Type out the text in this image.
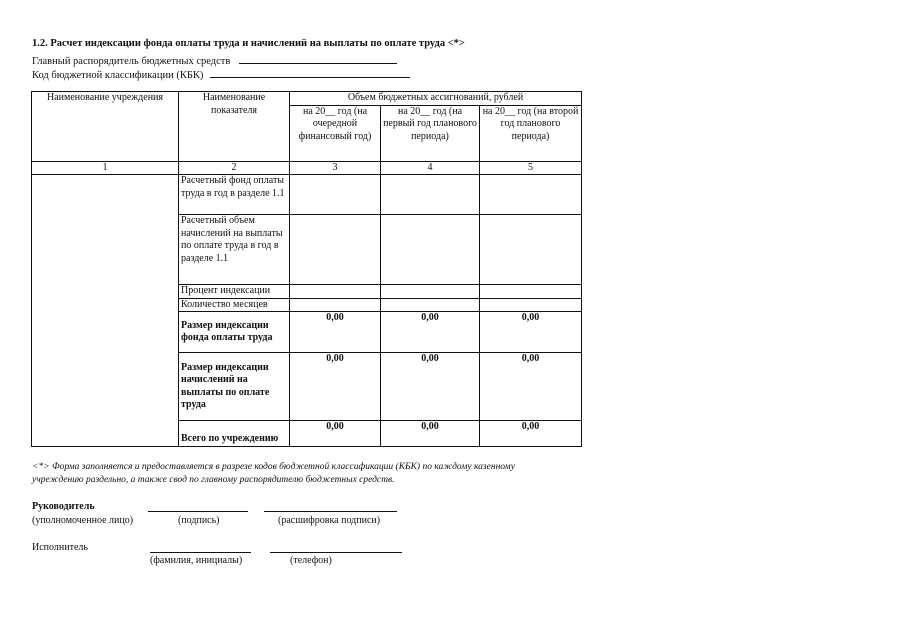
1.2. Расчет индексации фонда оплаты труда и начислений на выплаты по оплате труда <*>
Главный распорядитель бюджетных средств
Код бюджетной классификации (КБК)
Наименование учреждения	Наименование показателя	Объем бюджетных ассигнований, рублей		
		на 20__ год (на очередной финансовый год)	на 20__ год (на первый год планового периода)	на 20__ год (на второй год планового периода)
1	2	3	4	5
	Расчетный фонд оплаты труда в год в разделе 1.1			
	Расчетный объем начислений на выплаты по оплате труда в год в разделе 1.1			
	Процент индексации			
	Количество месяцев			
	Размер индексации фонда оплаты труда	0,00	0,00	0,00
	Размер индексации начислений на выплаты по оплате труда	0,00	0,00	0,00
	Всего по учреждению	0,00	0,00	0,00
<*> Форма заполняется и предоставляется в разрезе кодов бюджетной классификации (КБК) по каждому казенному учреждению раздельно, а также свод по главному распорядителю бюджетных средств.
Руководитель
(уполномоченное лицо)	(подпись)	(расшифровка подписи)
Исполнитель
(фамилия, инициалы)	(телефон)
